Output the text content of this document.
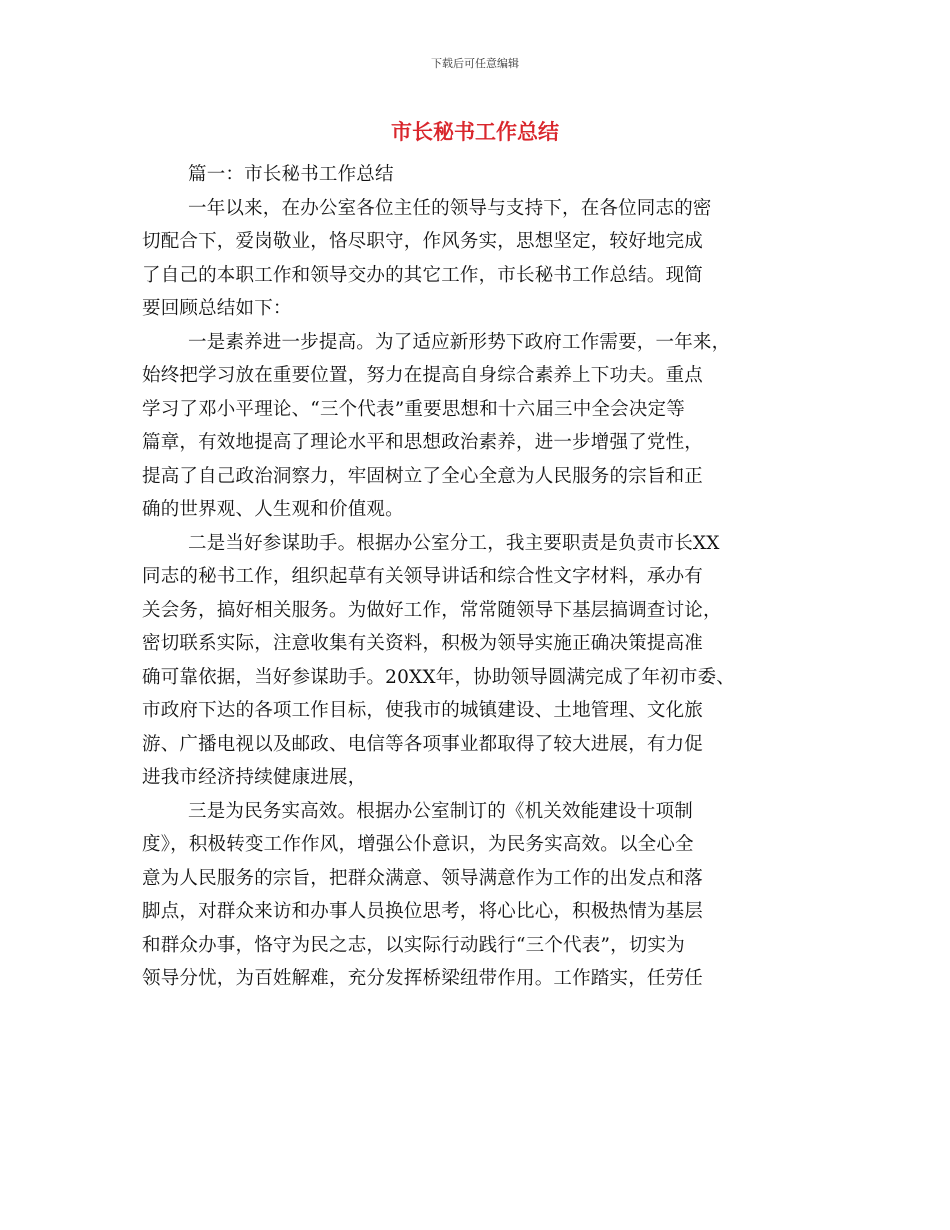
下载后可任意编辑
市长秘书工作总结
篇一：市长秘书工作总结
一年以来，在办公室各位主任的领导与支持下，在各位同志的密
切配合下，爱岗敬业，恪尽职守，作风务实，思想坚定，较好地完成
了自己的本职工作和领导交办的其它工作，市长秘书工作总结。现简
要回顾总结如下：
一是素养进一步提高。为了适应新形势下政府工作需要，一年来，
始终把学习放在重要位置，努力在提高自身综合素养上下功夫。重点
学习了邓小平理论、“三个代表”重要思想和十六届三中全会决定等
篇章，有效地提高了理论水平和思想政治素养，进一步增强了党性，
提高了自己政治洞察力，牢固树立了全心全意为人民服务的宗旨和正
确的世界观、人生观和价值观。
二是当好参谋助手。根据办公室分工，我主要职责是负责市长XX
同志的秘书工作，组织起草有关领导讲话和综合性文字材料，承办有
关会务，搞好相关服务。为做好工作，常常随领导下基层搞调查讨论，
密切联系实际，注意收集有关资料，积极为领导实施正确决策提高准
确可靠依据，当好参谋助手。20XX年，协助领导圆满完成了年初市委、
市政府下达的各项工作目标，使我市的城镇建设、土地管理、文化旅
游、广播电视以及邮政、电信等各项事业都取得了较大进展，有力促
进我市经济持续健康进展，
三是为民务实高效。根据办公室制订的《机关效能建设十项制
度》，积极转变工作作风，增强公仆意识，为民务实高效。以全心全
意为人民服务的宗旨，把群众满意、领导满意作为工作的出发点和落
脚点，对群众来访和办事人员换位思考，将心比心，积极热情为基层
和群众办事，恪守为民之志，以实际行动践行“三个代表”，切实为
领导分忧，为百姓解难，充分发挥桥梁纽带作用。工作踏实，任劳任
